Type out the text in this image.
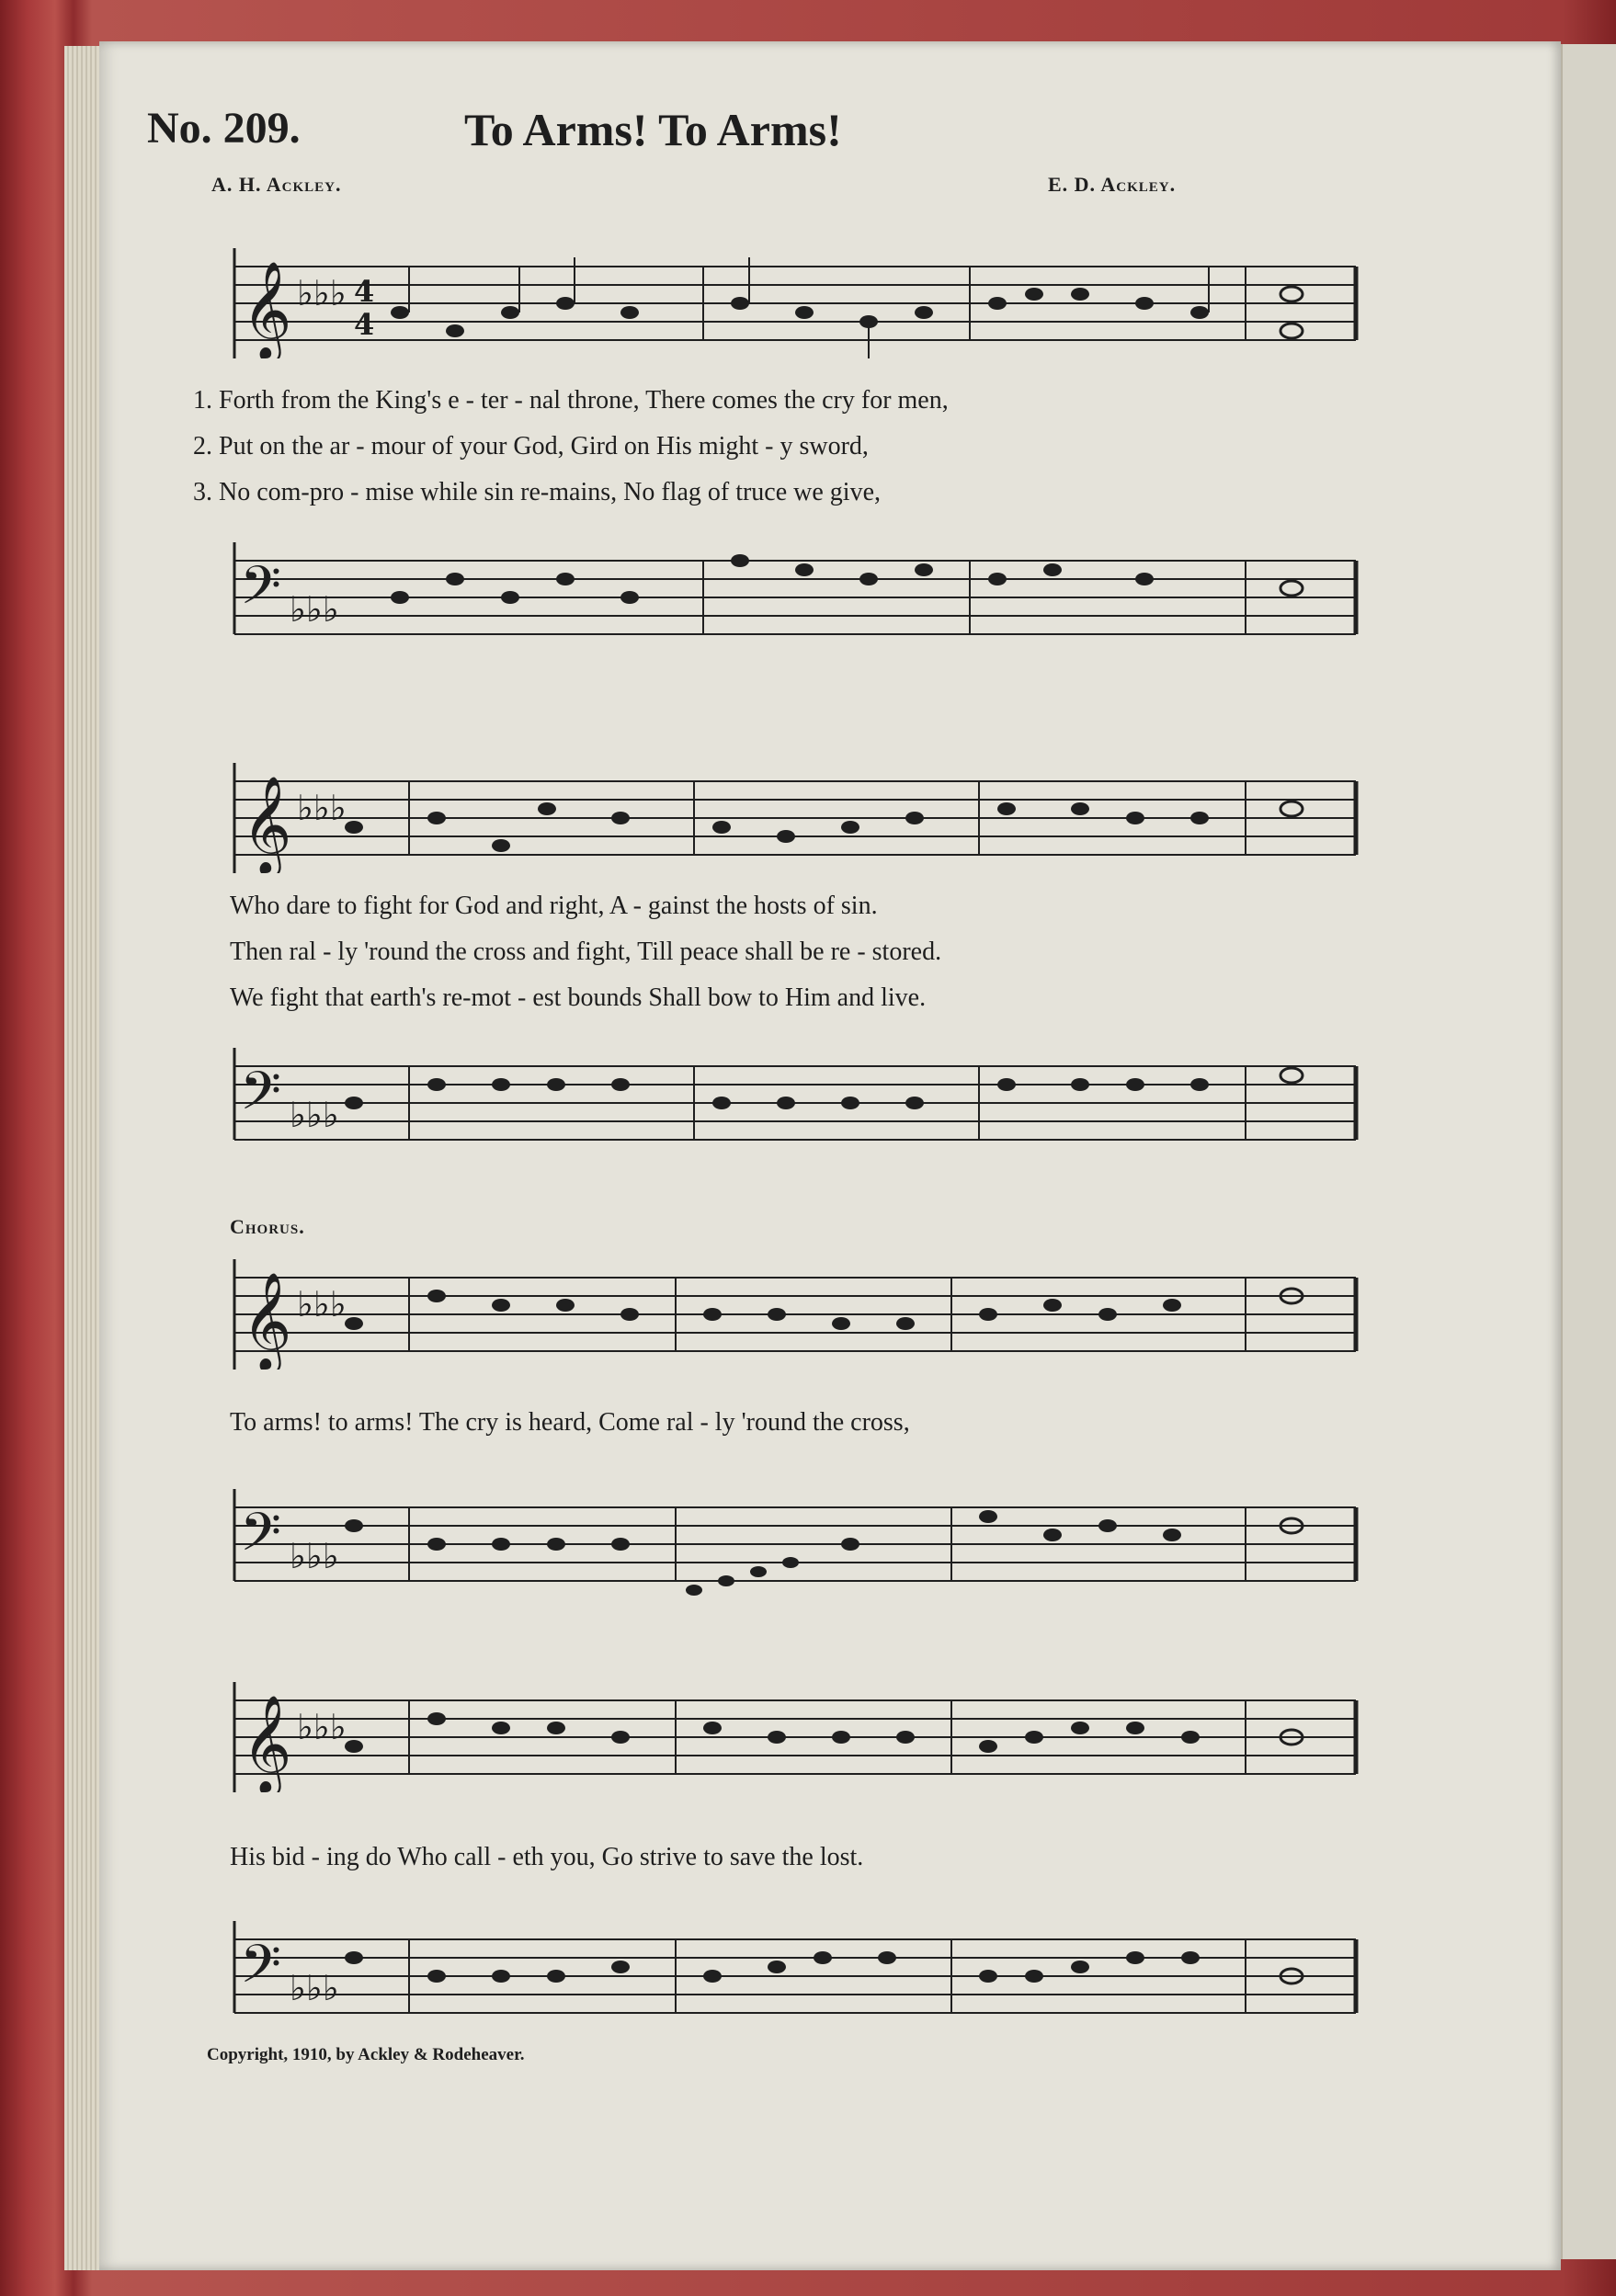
No. 209.	To Arms! To Arms!
A. H. Ackley.	E. D. Ackley.
𝄞 ♭♭♭ 4
4
1. Forth from the King's e - ter - nal throne, There comes the cry for men,
2. Put on the ar - mour of your God, Gird on His might - y sword,
3. No com-pro - mise while sin re-mains, No flag of truce we give,
𝄢 ♭♭♭
𝄞 ♭♭♭
Who dare to fight for God and right, A - gainst the hosts of sin.
Then ral - ly 'round the cross and fight, Till peace shall be re - stored.
We fight that earth's re-mot - est bounds Shall bow to Him and live.
𝄢 ♭♭♭
Chorus.
𝄞 ♭♭♭
To arms! to arms! The cry is heard, Come ral - ly 'round the cross,
𝄢 ♭♭♭
𝄞 ♭♭♭
His bid - ing do Who call - eth you, Go strive to save the lost.
𝄢 ♭♭♭
Copyright, 1910, by Ackley & Rodeheaver.
